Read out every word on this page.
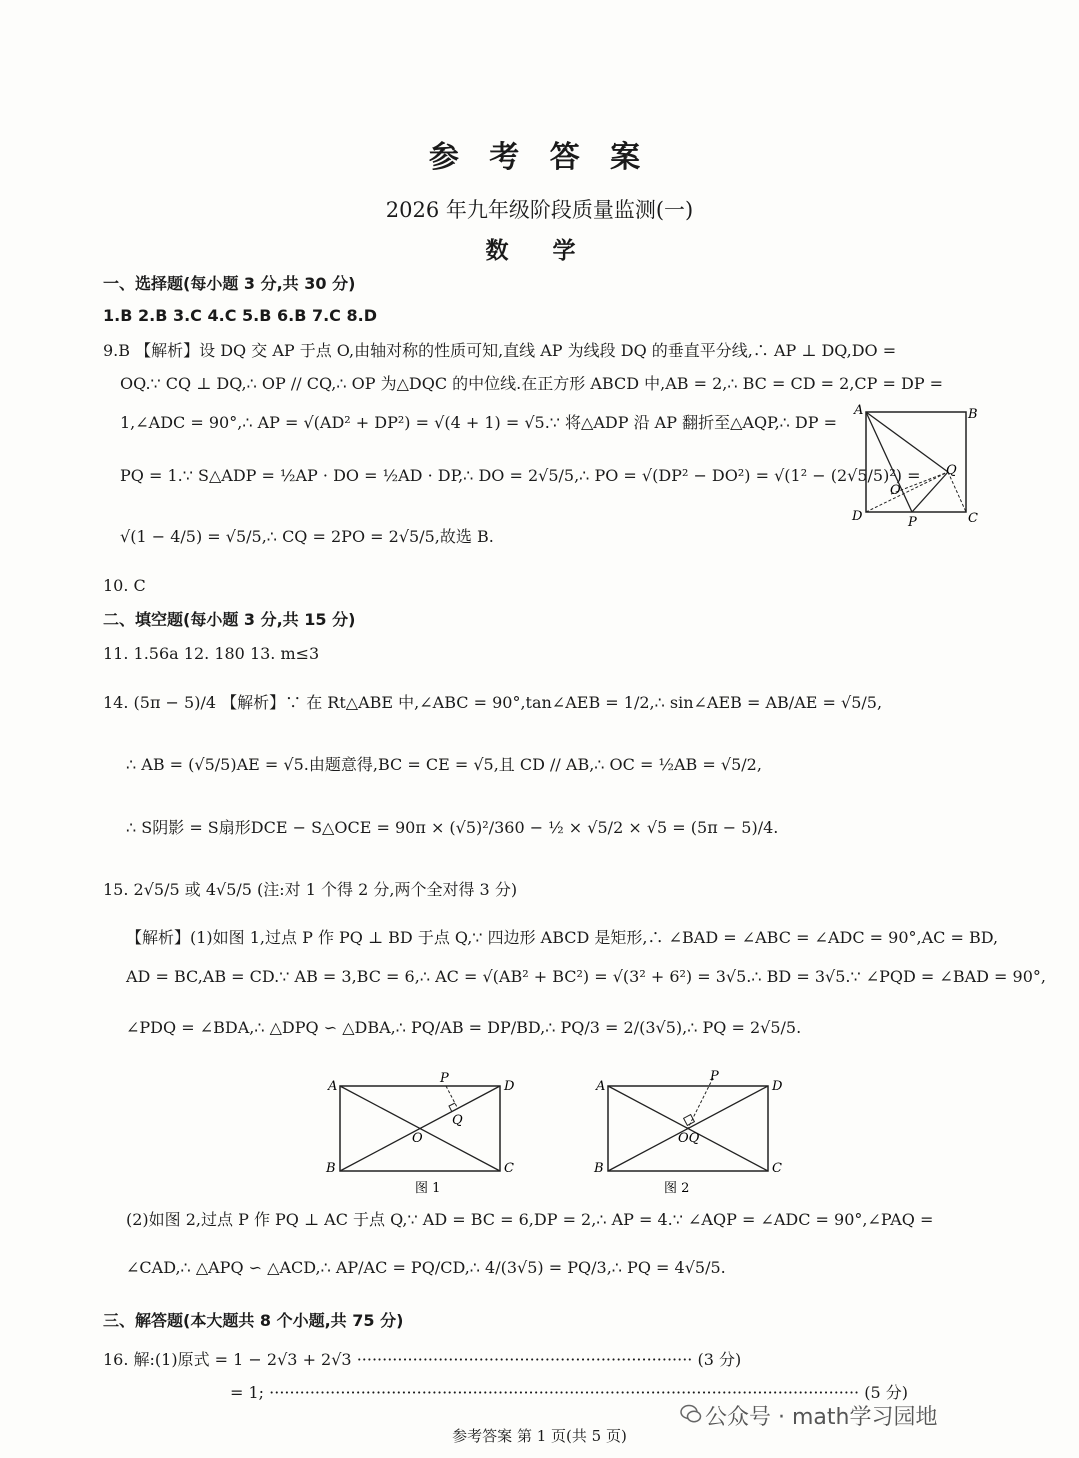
参 考 答 案
2026 年九年级阶段质量监测(一)
数 学
一、选择题(每小题 3 分,共 30 分)
1.B 2.B 3.C 4.C 5.B 6.B 7.C 8.D
9.B 【解析】设 DQ 交 AP 于点 O,由轴对称的性质可知,直线 AP 为线段 DQ 的垂直平分线,∴ AP ⊥ DQ,DO =
OQ.∵ CQ ⊥ DQ,∴ OP // CQ,∴ OP 为△DQC 的中位线.在正方形 ABCD 中,AB = 2,∴ BC = CD = 2,CP = DP =
1,∠ADC = 90°,∴ AP = √(AD² + DP²) = √(4 + 1) = √5.∵ 将△ADP 沿 AP 翻折至△AQP,∴ DP =
PQ = 1.∵ S△ADP = ½AP · DO = ½AD · DP,∴ DO = 2√5/5,∴ PO = √(DP² − DO²) = √(1² − (2√5/5)²) =
√(1 − 4/5) = √5/5,∴ CQ = 2PO = 2√5/5,故选 B.
A	B
C
D
O
P
Q
10. C
二、填空题(每小题 3 分,共 15 分)
11. 1.56a 12. 180 13. m≤3
14. (5π − 5)/4 【解析】∵ 在 Rt△ABE 中,∠ABC = 90°,tan∠AEB = 1/2,∴ sin∠AEB = AB/AE = √5/5,
∴ AB = (√5/5)AE = √5.由题意得,BC = CE = √5,且 CD // AB,∴ OC = ½AB = √5/2,
∴ S阴影 = S扇形DCE − S△OCE = 90π × (√5)²/360 − ½ × √5/2 × √5 = (5π − 5)/4.
15. 2√5/5 或 4√5/5 (注:对 1 个得 2 分,两个全对得 3 分)
【解析】(1)如图 1,过点 P 作 PQ ⊥ BD 于点 Q,∵ 四边形 ABCD 是矩形,∴ ∠BAD = ∠ABC = ∠ADC = 90°,AC = BD,
AD = BC,AB = CD.∵ AB = 3,BC = 6,∴ AC = √(AB² + BC²) = √(3² + 6²) = 3√5.∴ BD = 3√5.∵ ∠PQD = ∠BAD = 90°,
∠PDQ = ∠BDA,∴ △DPQ ∽ △DBA,∴ PQ/AB = DP/BD,∴ PQ/3 = 2/(3√5),∴ PQ = 2√5/5.
A	D
B	C
P
Q
O
图 1
A	D
B	C
P
OQ
图 2
(2)如图 2,过点 P 作 PQ ⊥ AC 于点 Q,∵ AD = BC = 6,DP = 2,∴ AP = 4.∵ ∠AQP = ∠ADC = 90°,∠PAQ =
∠CAD,∴ △APQ ∽ △ACD,∴ AP/AC = PQ/CD,∴ 4/(3√5) = PQ/3,∴ PQ = 4√5/5.
三、解答题(本大题共 8 个小题,共 75 分)
16. 解:(1)原式 = 1 − 2√3 + 2√3 ·································································· (3 分)
= 1; ···················································································································· (5 分)
公众号 · math学习园地
参考答案 第 1 页(共 5 页)
